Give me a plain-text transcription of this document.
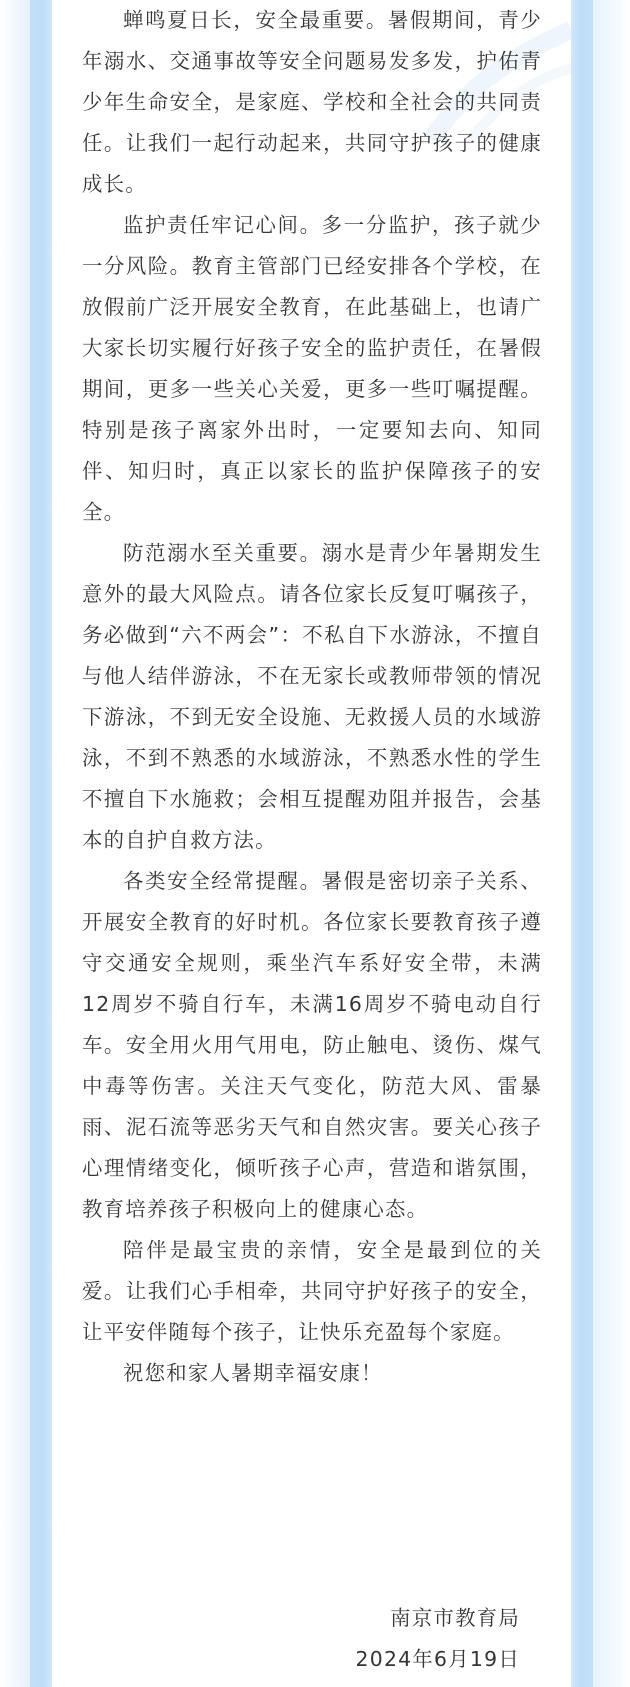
蝉鸣夏日长，安全最重要。暑假期间，青少年溺水、交通事故等安全问题易发多发，护佑青少年生命安全，是家庭、学校和全社会的共同责任。让我们一起行动起来，共同守护孩子的健康成长。

监护责任牢记心间。多一分监护，孩子就少一分风险。教育主管部门已经安排各个学校，在放假前广泛开展安全教育，在此基础上，也请广大家长切实履行好孩子安全的监护责任，在暑假期间，更多一些关心关爱，更多一些叮嘱提醒。特别是孩子离家外出时，一定要知去向、知同伴、知归时，真正以家长的监护保障孩子的安全。

防范溺水至关重要。溺水是青少年暑期发生意外的最大风险点。请各位家长反复叮嘱孩子，务必做到“六不两会”：不私自下水游泳，不擅自与他人结伴游泳，不在无家长或教师带领的情况下游泳，不到无安全设施、无救援人员的水域游泳，不到不熟悉的水域游泳，不熟悉水性的学生不擅自下水施救；会相互提醒劝阻并报告，会基本的自护自救方法。

各类安全经常提醒。暑假是密切亲子关系、开展安全教育的好时机。各位家长要教育孩子遵守交通安全规则，乘坐汽车系好安全带，未满12周岁不骑自行车，未满16周岁不骑电动自行车。安全用火用气用电，防止触电、烫伤、煤气中毒等伤害。关注天气变化，防范大风、雷暴雨、泥石流等恶劣天气和自然灾害。要关心孩子心理情绪变化，倾听孩子心声，营造和谐氛围，教育培养孩子积极向上的健康心态。

陪伴是最宝贵的亲情，安全是最到位的关爱。让我们心手相牵，共同守护好孩子的安全，让平安伴随每个孩子，让快乐充盈每个家庭。

祝您和家人暑期幸福安康！

南京市教育局
2024年6月19日
